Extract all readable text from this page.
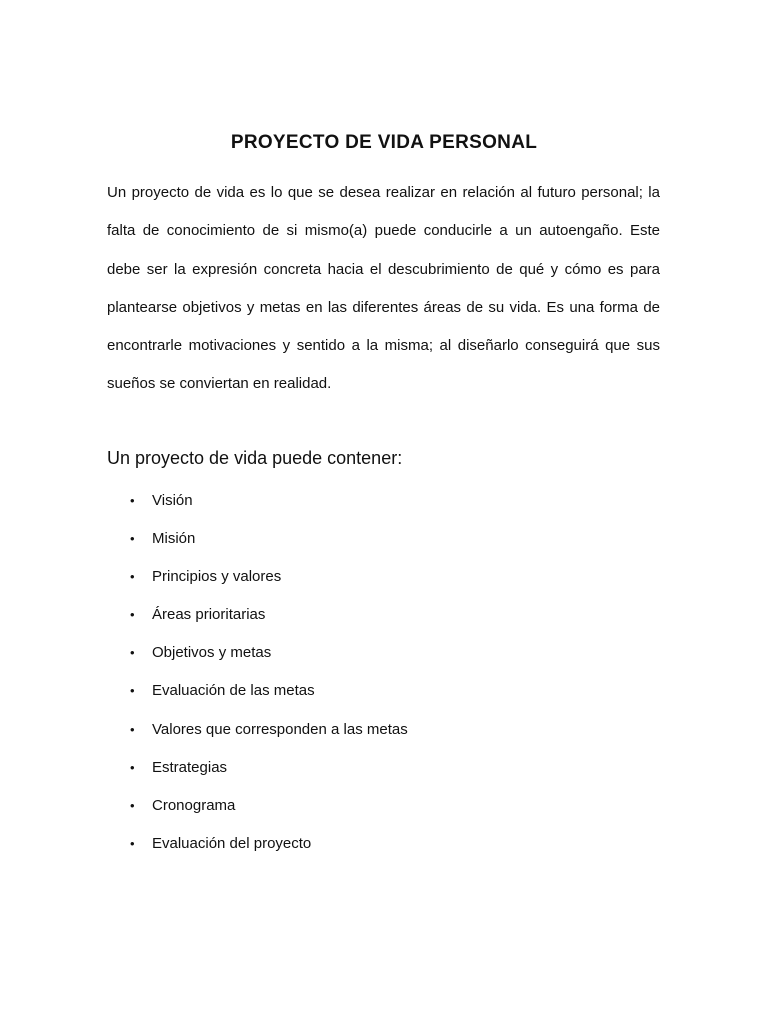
PROYECTO DE VIDA PERSONAL

Un proyecto de vida es lo que se desea realizar en relación al futuro personal; la falta de conocimiento de si mismo(a) puede conducirle a un autoengaño. Este debe ser la expresión concreta hacia el descubrimiento de qué y cómo es para plantearse objetivos y metas en las diferentes áreas de su vida. Es una forma de encontrarle motivaciones y sentido a la misma; al diseñarlo conseguirá que sus sueños se conviertan en realidad.

Un proyecto de vida puede contener:
• Visión
• Misión
• Principios y valores
• Áreas prioritarias
• Objetivos y metas
• Evaluación de las metas
• Valores que corresponden a las metas
• Estrategias
• Cronograma
• Evaluación del proyecto
